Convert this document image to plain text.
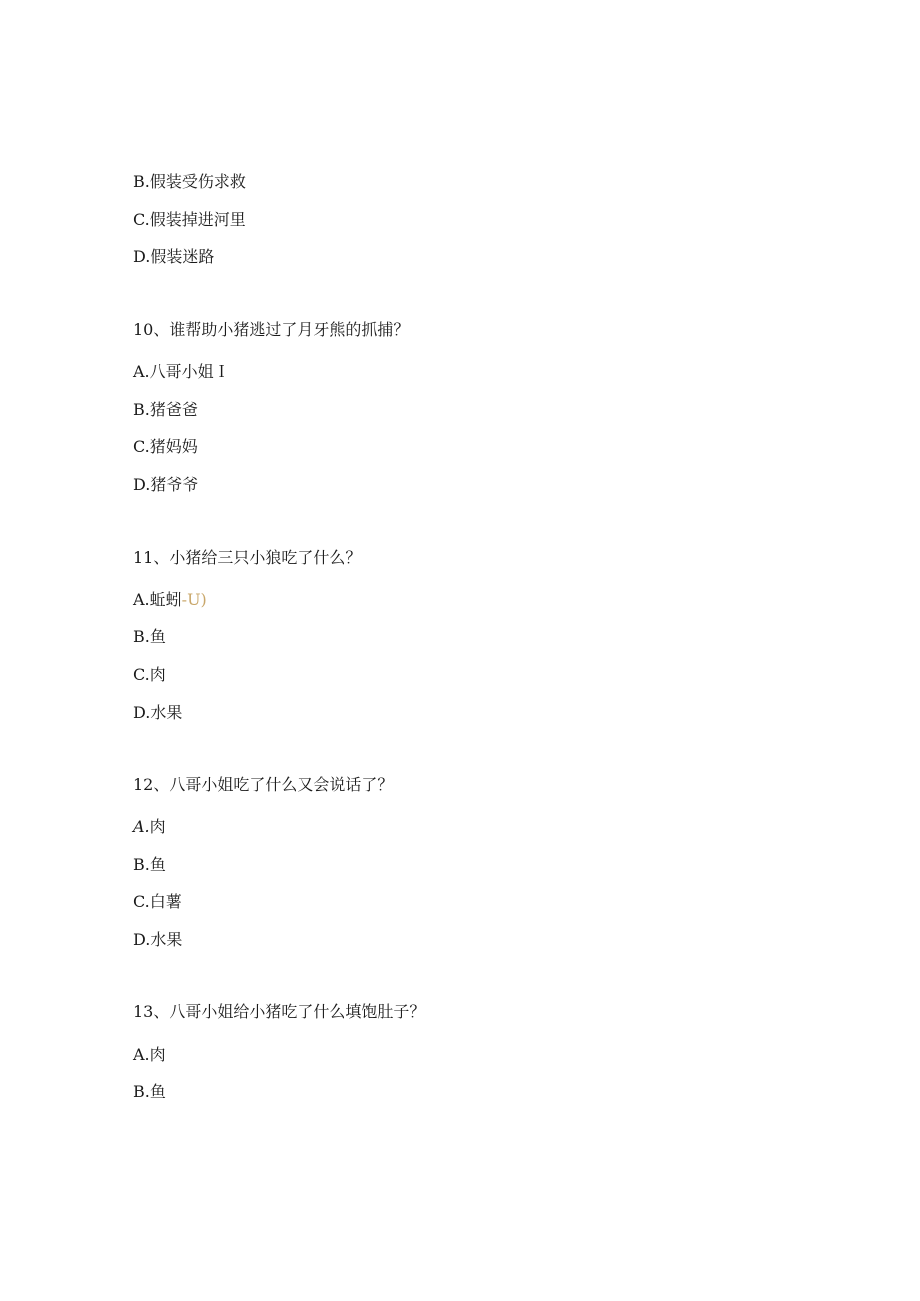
B.假装受伤求救
C.假装掉进河里
D.假装迷路
10、谁帮助小猪逃过了月牙熊的抓捕？
A.八哥小姐Ｉ
B.猪爸爸
C.猪妈妈
D.猪爷爷
11、小猪给三只小狼吃了什么？
A.蚯蚓-U)
B.鱼
C.肉
D.水果
12、八哥小姐吃了什么又会说话了？
A.肉
B.鱼
C.白薯
D.水果
13、八哥小姐给小猪吃了什么填饱肚子？
A.肉
B.鱼
